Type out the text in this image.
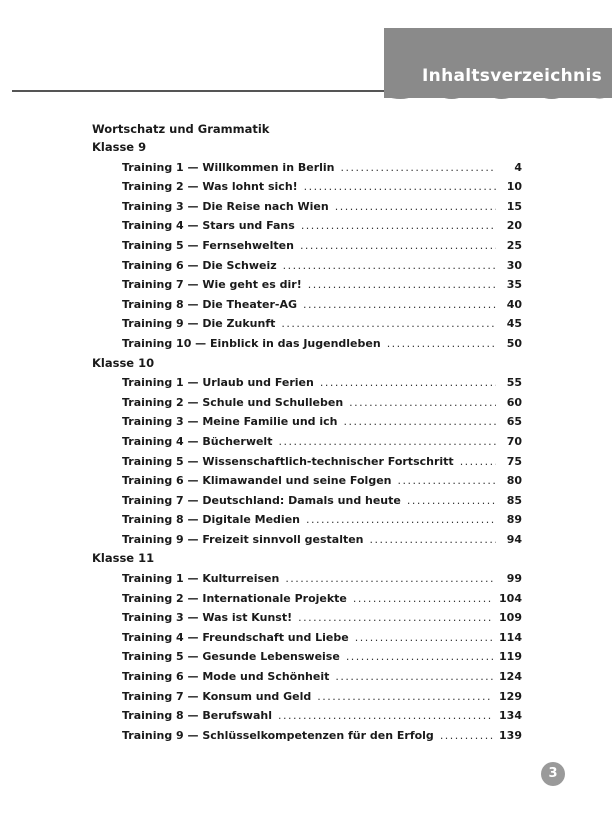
Inhaltsverzeichnis
Wortschatz und Grammatik
Klasse 9
Training 1 — Willkommen in Berlin . . .	4
Training 2 — Was lohnt sich! . . .	10
Training 3 — Die Reise nach Wien . . .	15
Training 4 — Stars und Fans . . .	20
Training 5 — Fernsehwelten . . .	25
Training 6 — Die Schweiz . . .	30
Training 7 — Wie geht es dir! . . .	35
Training 8 — Die Theater-AG . . .	40
Training 9 — Die Zukunft . . .	45
Training 10 — Einblick in das Jugendleben . . .	50
Klasse 10
Training 1 — Urlaub und Ferien . . .	55
Training 2 — Schule und Schulleben . . .	60
Training 3 — Meine Familie und ich . . .	65
Training 4 — Bücherwelt . . .	70
Training 5 — Wissenschaftlich-technischer Fortschritt . . .	75
Training 6 — Klimawandel und seine Folgen . . .	80
Training 7 — Deutschland: Damals und heute . . .	85
Training 8 — Digitale Medien . . .	89
Training 9 — Freizeit sinnvoll gestalten . . .	94
Klasse 11
Training 1 — Kulturreisen . . .	99
Training 2 — Internationale Projekte . . .	104
Training 3 — Was ist Kunst! . . .	109
Training 4 — Freundschaft und Liebe . . .	114
Training 5 — Gesunde Lebensweise . . .	119
Training 6 — Mode und Schönheit . . .	124
Training 7 — Konsum und Geld . . .	129
Training 8 — Berufswahl . . .	134
Training 9 — Schlüsselkompetenzen für den Erfolg . . .	139
3
